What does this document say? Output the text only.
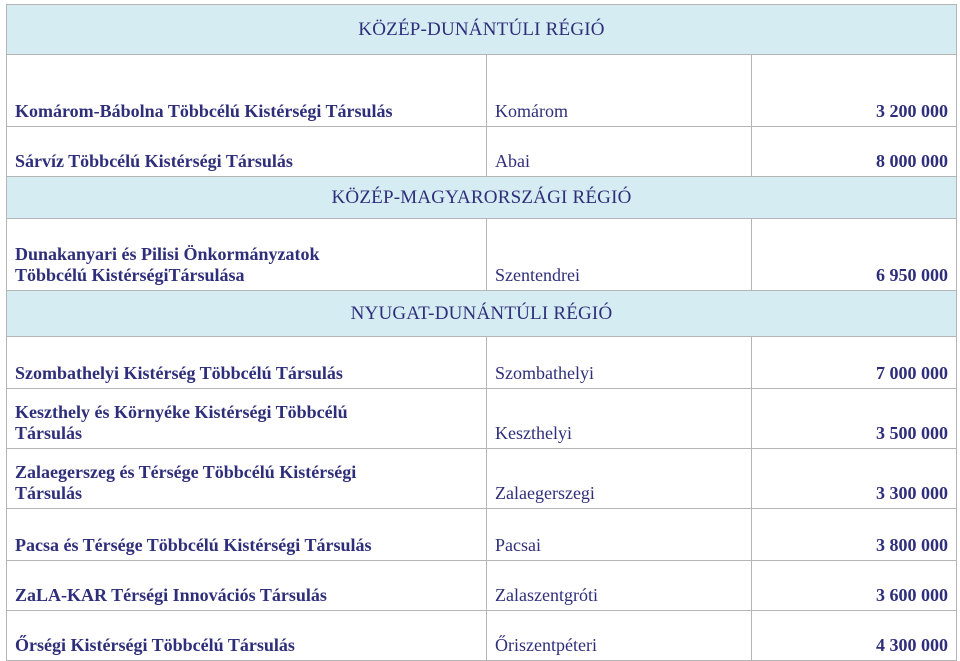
KÖZÉP-DUNÁNTÚLI RÉGIÓ		
Komárom-Bábolna Többcélú Kistérségi Társulás	Komárom	3 200 000
Sárvíz Többcélú Kistérségi Társulás	Abai	8 000 000
KÖZÉP-MAGYARORSZÁGI RÉGIÓ		

Dunakanyari és Pilisi Önkormányzatok
Többcélú KistérségiTársulása	Szentendrei	6 950 000
NYUGAT-DUNÁNTÚLI RÉGIÓ		
Szombathelyi Kistérség Többcélú Társulás	Szombathelyi	7 000 000

Keszthely és Környéke Kistérségi Többcélú
Társulás	Keszthelyi	3 500 000

Zalaegerszeg és Térsége Többcélú Kistérségi
Társulás	Zalaegerszegi	3 300 000
Pacsa és Térsége Többcélú Kistérségi Társulás	Pacsai	3 800 000
ZaLA-KAR Térségi Innovációs Társulás	Zalaszentgróti	3 600 000
Őrségi Kistérségi Többcélú Társulás	Őriszentpéteri	4 300 000
